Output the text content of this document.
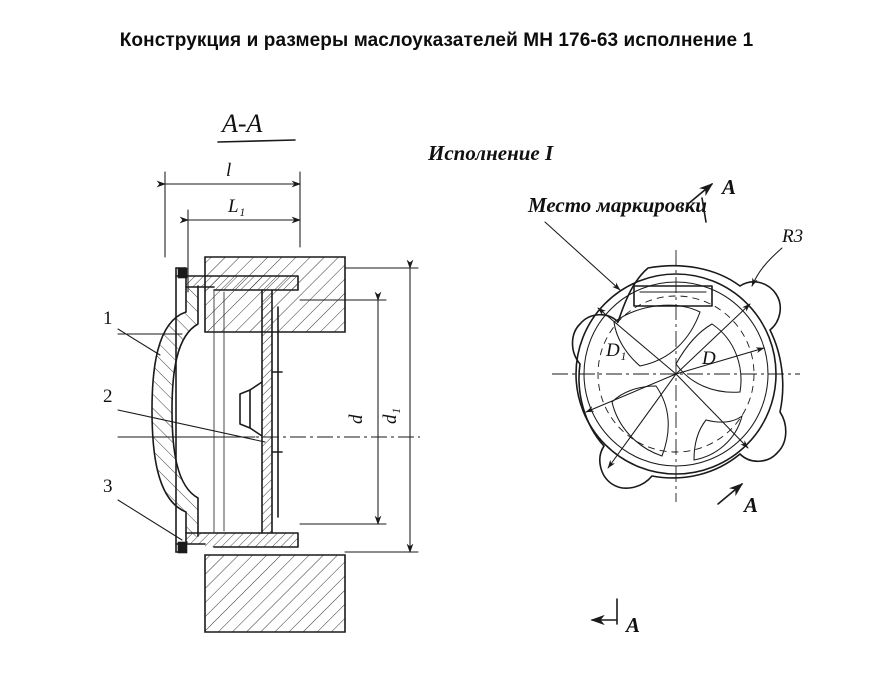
Конструкция и размеры маслоуказателей МН 176-63 исполнение 1
A-A
l
L₁
d d₁
1
2
3
Исполнение I
Место маркировки
D₁	D
R3
A
A
A
